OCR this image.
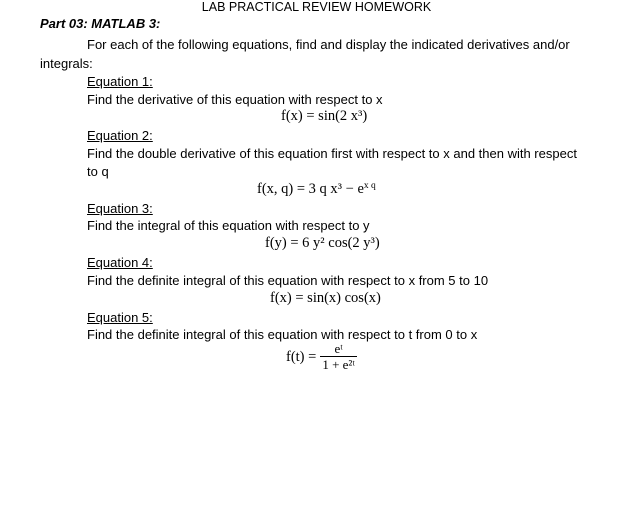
LAB PRACTICAL REVIEW HOMEWORK
Part 03: MATLAB 3:
For each of the following equations, find and display the indicated derivatives and/or
integrals:
Equation 1:
Find the derivative of this equation with respect to x
f(x) = sin(2 x³)
Equation 2:
Find the double derivative of this equation first with respect to x and then with respect
to q
f(x, q) = 3 q $x^3 - e^{x q}$
Equation 3:
Find the integral of this equation with respect to y
f(y) = 6 y² cos(2 y³)
Equation 4:
Find the definite integral of this equation with respect to x from 5 to 10
f(x) = sin(x) cos(x)
Equation 5:
Find the definite integral of this equation with respect to t from 0 to x
$f(t) = \frac{\text{eᵗ}}{\text{1 + e²ᵗ}}$
